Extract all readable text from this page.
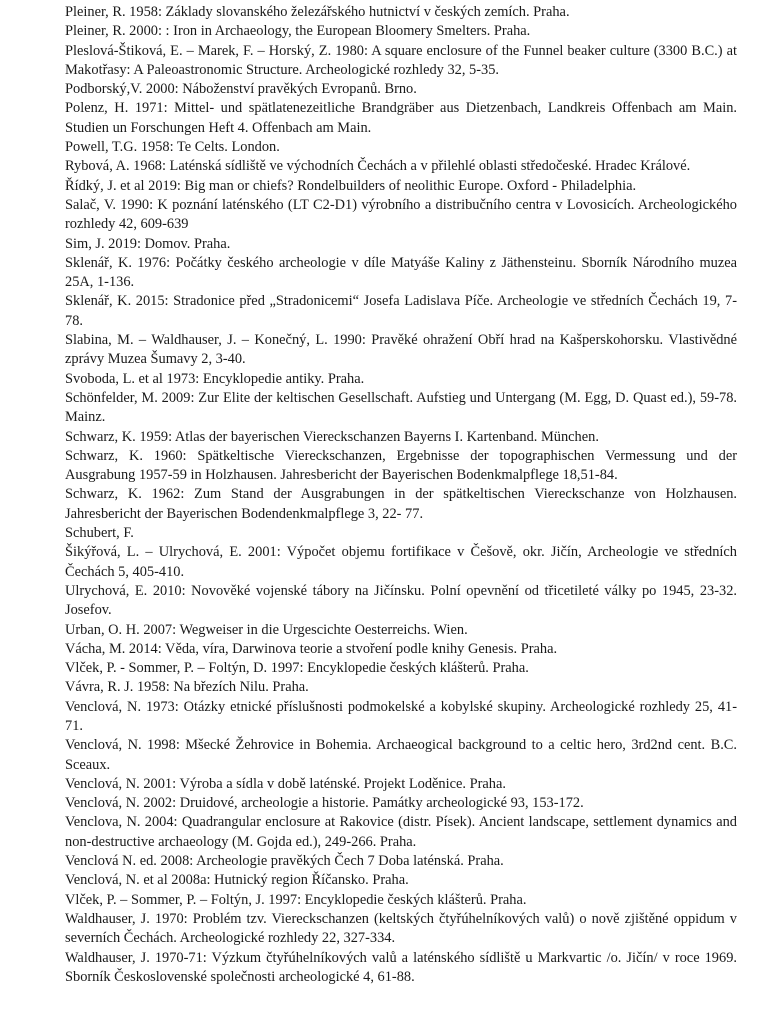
Pleiner, R. 1958: Základy slovanského železářského hutnictví v českých zemích. Praha.

Pleiner, R. 2000: : Iron in Archaeology, the European Bloomery Smelters. Praha.

Pleslová-Štiková, E. – Marek, F. – Horský, Z. 1980: A square enclosure of the Funnel beaker culture (3300 B.C.) at Makotřasy: A Paleoastronomic Structure. Archeologické rozhledy 32, 5-35.

Podborský,V. 2000: Náboženství pravěkých Evropanů. Brno.

Polenz, H. 1971: Mittel- und spätlatenezeitliche Brandgräber aus Dietzenbach, Landkreis Offenbach am Main. Studien un Forschungen Heft 4. Offenbach am Main.

Powell, T.G. 1958: Te Celts. London.

Rybová, A. 1968: Laténská sídliště ve východních Čechách a v přilehlé oblasti středočeské. Hradec Králové.

Řídký, J. et al 2019: Big man or chiefs? Rondelbuilders of neolithic Europe. Oxford - Philadelphia.

Salač, V. 1990: K poznání laténského (LT C2-D1) výrobního a distribučního centra v Lovosicích. Archeologického rozhledy 42, 609-639

Sim, J. 2019: Domov. Praha.

Sklenář, K. 1976: Počátky českého archeologie v díle Matyáše Kaliny z Jäthensteinu. Sborník Národního muzea 25A, 1-136.

Sklenář, K. 2015: Stradonice před „Stradonicemi“ Josefa Ladislava Píče. Archeologie ve středních Čechách 19, 7-78.

Slabina, M. – Waldhauser, J. – Konečný, L. 1990: Pravěké ohražení Obří hrad na Kašperskohorsku. Vlastivědné zprávy Muzea Šumavy 2, 3-40.

Svoboda, L. et al 1973: Encyklopedie antiky. Praha.

Schönfelder, M. 2009: Zur Elite der keltischen Gesellschaft. Aufstieg und Untergang (M. Egg, D. Quast ed.), 59-78. Mainz.

Schwarz, K. 1959: Atlas der bayerischen Viereckschanzen Bayerns I. Kartenband. München.

Schwarz, K. 1960: Spätkeltische Viereckschanzen, Ergebnisse der topographischen Vermessung und der Ausgrabung 1957-59 in Holzhausen. Jahresbericht der Bayerischen Bodenkmalpflege 18,51-84.

Schwarz, K. 1962: Zum Stand der Ausgrabungen in der spätkeltischen Viereckschanze von Holzhausen. Jahresbericht der Bayerischen Bodendenkmalpflege 3, 22- 77.

Schubert, F.

Šikýřová, L. – Ulrychová, E. 2001: Výpočet objemu fortifikace v Češově, okr. Jičín, Archeologie ve středních Čechách 5, 405-410.

Ulrychová, E. 2010: Novověké vojenské tábory na Jičínsku. Polní opevnění od třicetileté války po 1945, 23-32. Josefov.

Urban, O. H. 2007: Wegweiser in die Urgescichte Oesterreichs. Wien.

Vácha, M. 2014: Věda, víra, Darwinova teorie a stvoření podle knihy Genesis. Praha.

Vlček, P. - Sommer, P. – Foltýn, D. 1997: Encyklopedie českých klášterů. Praha.

Vávra, R. J. 1958: Na březích Nilu. Praha.

Venclová, N. 1973: Otázky etnické příslušnosti podmokelské a kobylské skupiny. Archeologické rozhledy 25, 41-71.

Venclová, N. 1998: Mšecké Žehrovice in Bohemia. Archaeogical background to a celtic hero, 3rd2nd cent. B.C. Sceaux.

Venclová, N. 2001: Výroba a sídla v době laténské. Projekt Loděnice. Praha.

Venclová, N. 2002: Druidové, archeologie a historie. Památky archeologické 93, 153-172.

Venclova, N. 2004: Quadrangular enclosure at Rakovice (distr. Písek). Ancient landscape, settlement dynamics and non-destructive archaeology (M. Gojda ed.), 249-266. Praha.

Venclová N. ed. 2008: Archeologie pravěkých Čech 7 Doba laténská. Praha.

Venclová, N. et al 2008a: Hutnický region Říčansko. Praha.

Vlček, P. – Sommer, P. – Foltýn, J. 1997: Encyklopedie českých klášterů. Praha.

Waldhauser, J. 1970: Problém tzv. Viereckschanzen (keltských čtyřúhelníkových valů) o nově zjištěné oppidum v severních Čechách. Archeologické rozhledy 22, 327-334.

Waldhauser, J. 1970-71: Výzkum čtyřúhelníkových valů a laténského sídliště u Markvartic /o. Jičín/ v roce 1969. Sborník Československé společnosti archeologické 4, 61-88.
